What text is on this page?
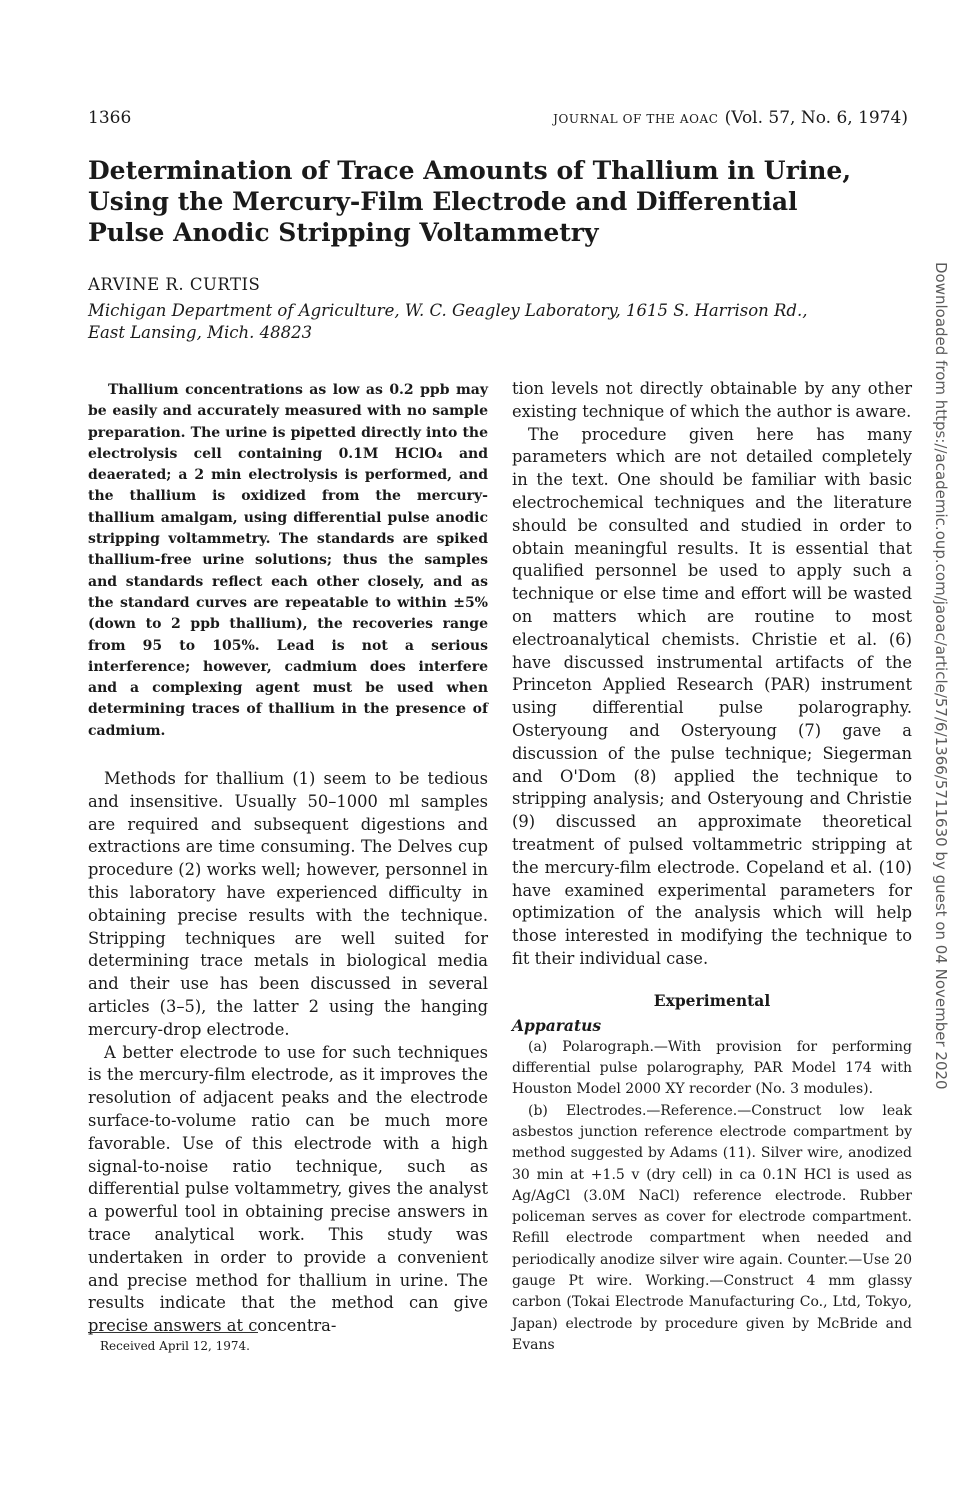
1366	JOURNAL OF THE AOAC (Vol. 57, No. 6, 1974)
Determination of Trace Amounts of Thallium in Urine, Using the Mercury-Film Electrode and Differential Pulse Anodic Stripping Voltammetry
ARVINE R. CURTIS
Michigan Department of Agriculture, W. C. Geagley Laboratory, 1615 S. Harrison Rd.,
East Lansing, Mich. 48823

Thallium concentrations as low as 0.2 ppb may be easily and accurately measured with no sample preparation. The urine is pipetted directly into the electrolysis cell containing 0.1M HClO₄ and deaerated; a 2 min electrolysis is performed, and the thallium is oxidized from the mercury-thallium amalgam, using differential pulse anodic stripping voltammetry. The standards are spiked thallium-free urine solutions; thus the samples and standards reflect each other closely, and as the standard curves are repeatable to within ±5% (down to 2 ppb thallium), the recoveries range from 95 to 105%. Lead is not a serious interference; however, cadmium does interfere and a complexing agent must be used when determining traces of thallium in the presence of cadmium.

Methods for thallium (1) seem to be tedious and insensitive. Usually 50–1000 ml samples are required and subsequent digestions and extractions are time consuming. The Delves cup procedure (2) works well; however, personnel in this laboratory have experienced difficulty in obtaining precise results with the technique. Stripping techniques are well suited for determining trace metals in biological media and their use has been discussed in several articles (3–5), the latter 2 using the hanging mercury-drop electrode.

A better electrode to use for such techniques is the mercury-film electrode, as it improves the resolution of adjacent peaks and the electrode surface-to-volume ratio can be much more favorable. Use of this electrode with a high signal-to-noise ratio technique, such as differential pulse voltammetry, gives the analyst a powerful tool in obtaining precise answers in trace analytical work. This study was undertaken in order to provide a convenient and precise method for thallium in urine. The results indicate that the method can give precise answers at concentra-

tion levels not directly obtainable by any other existing technique of which the author is aware.

The procedure given here has many parameters which are not detailed completely in the text. One should be familiar with basic electrochemical techniques and the literature should be consulted and studied in order to obtain meaningful results. It is essential that qualified personnel be used to apply such a technique or else time and effort will be wasted on matters which are routine to most electroanalytical chemists. Christie et al. (6) have discussed instrumental artifacts of the Princeton Applied Research (PAR) instrument using differential pulse polarography. Osteryoung and Osteryoung (7) gave a discussion of the pulse technique; Siegerman and O'Dom (8) applied the technique to stripping analysis; and Osteryoung and Christie (9) discussed an approximate theoretical treatment of pulsed voltammetric stripping at the mercury-film electrode. Copeland et al. (10) have examined experimental parameters for optimization of the analysis which will help those interested in modifying the technique to fit their individual case.

Experimental
Apparatus

(a) Polarograph.—With provision for performing differential pulse polarography, PAR Model 174 with Houston Model 2000 XY recorder (No. 3 modules).

(b) Electrodes.—Reference.—Construct low leak asbestos junction reference electrode compartment by method suggested by Adams (11). Silver wire, anodized 30 min at +1.5 v (dry cell) in ca 0.1N HCl is used as Ag/AgCl (3.0M NaCl) reference electrode. Rubber policeman serves as cover for electrode compartment. Refill electrode compartment when needed and periodically anodize silver wire again. Counter.—Use 20 gauge Pt wire. Working.—Construct 4 mm glassy carbon (Tokai Electrode Manufacturing Co., Ltd, Tokyo, Japan) electrode by procedure given by McBride and Evans

Received April 12, 1974.
Downloaded from https://academic.oup.com/jaoac/article/57/6/1366/5711630 by guest on 04 November 2020
